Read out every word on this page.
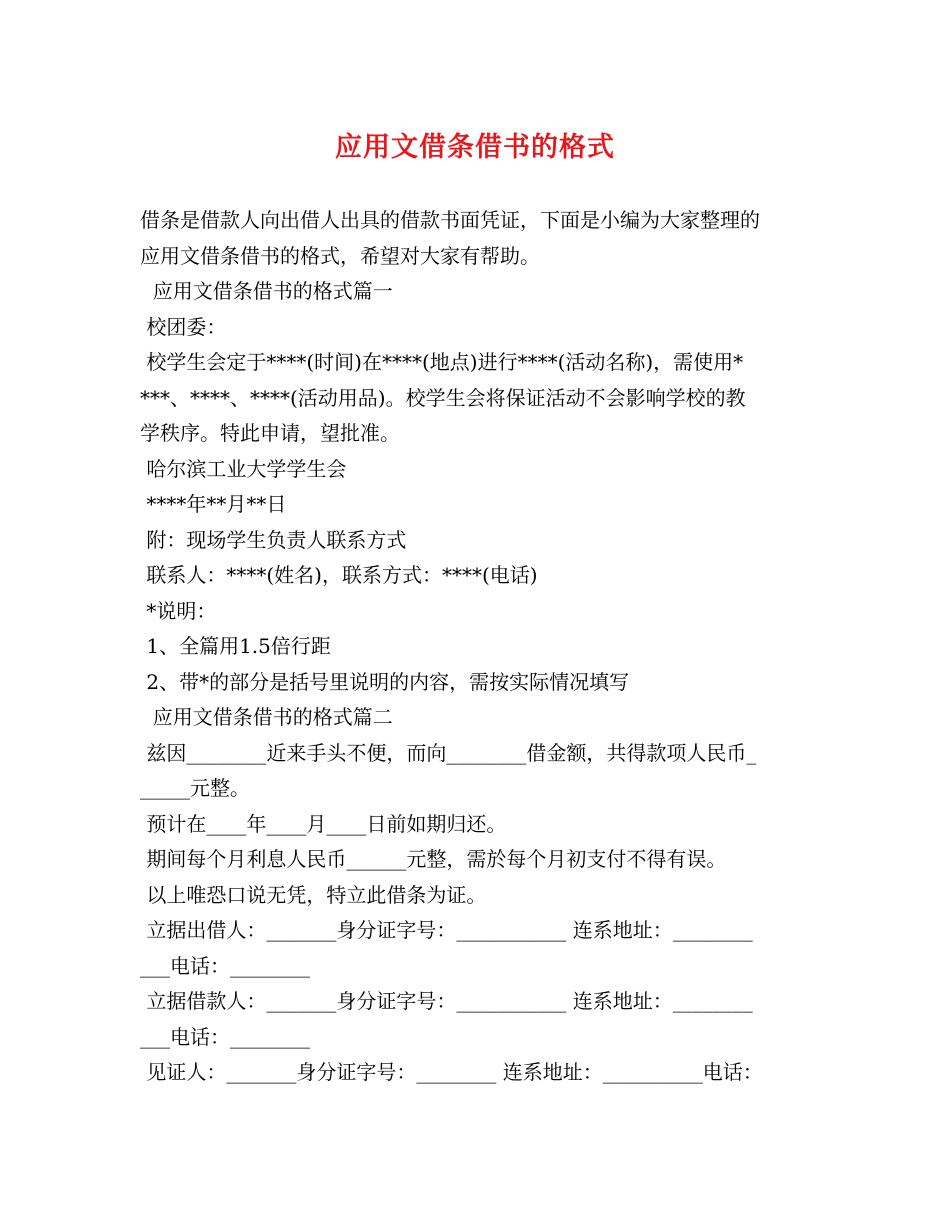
应用文借条借书的格式
借条是借款人向出借人出具的借款书面凭证，下面是小编为大家整理的
应用文借条借书的格式，希望对大家有帮助。
应用文借条借书的格式篇一
校团委：
校学生会定于****(时间)在****(地点)进行****(活动名称)，需使用*
***、****、****(活动用品)。校学生会将保证活动不会影响学校的教
学秩序。特此申请，望批准。
哈尔滨工业大学学生会
****年**月**日
附：现场学生负责人联系方式
联系人：****(姓名)，联系方式：****(电话)
*说明：
1、全篇用1.5倍行距
2、带*的部分是括号里说明的内容，需按实际情况填写
应用文借条借书的格式篇二
兹因________近来手头不便，而向________借金额，共得款项人民币_
_____元整。
预计在____年____月____日前如期归还。
期间每个月利息人民币______元整，需於每个月初支付不得有误。
以上唯恐口说无凭，特立此借条为证。
立据出借人：_______身分证字号：___________ 连系地址：________
___电话：________
立据借款人：_______身分证字号：___________ 连系地址：________
___电话：________
见证人：_______身分证字号：________ 连系地址：__________电话：
